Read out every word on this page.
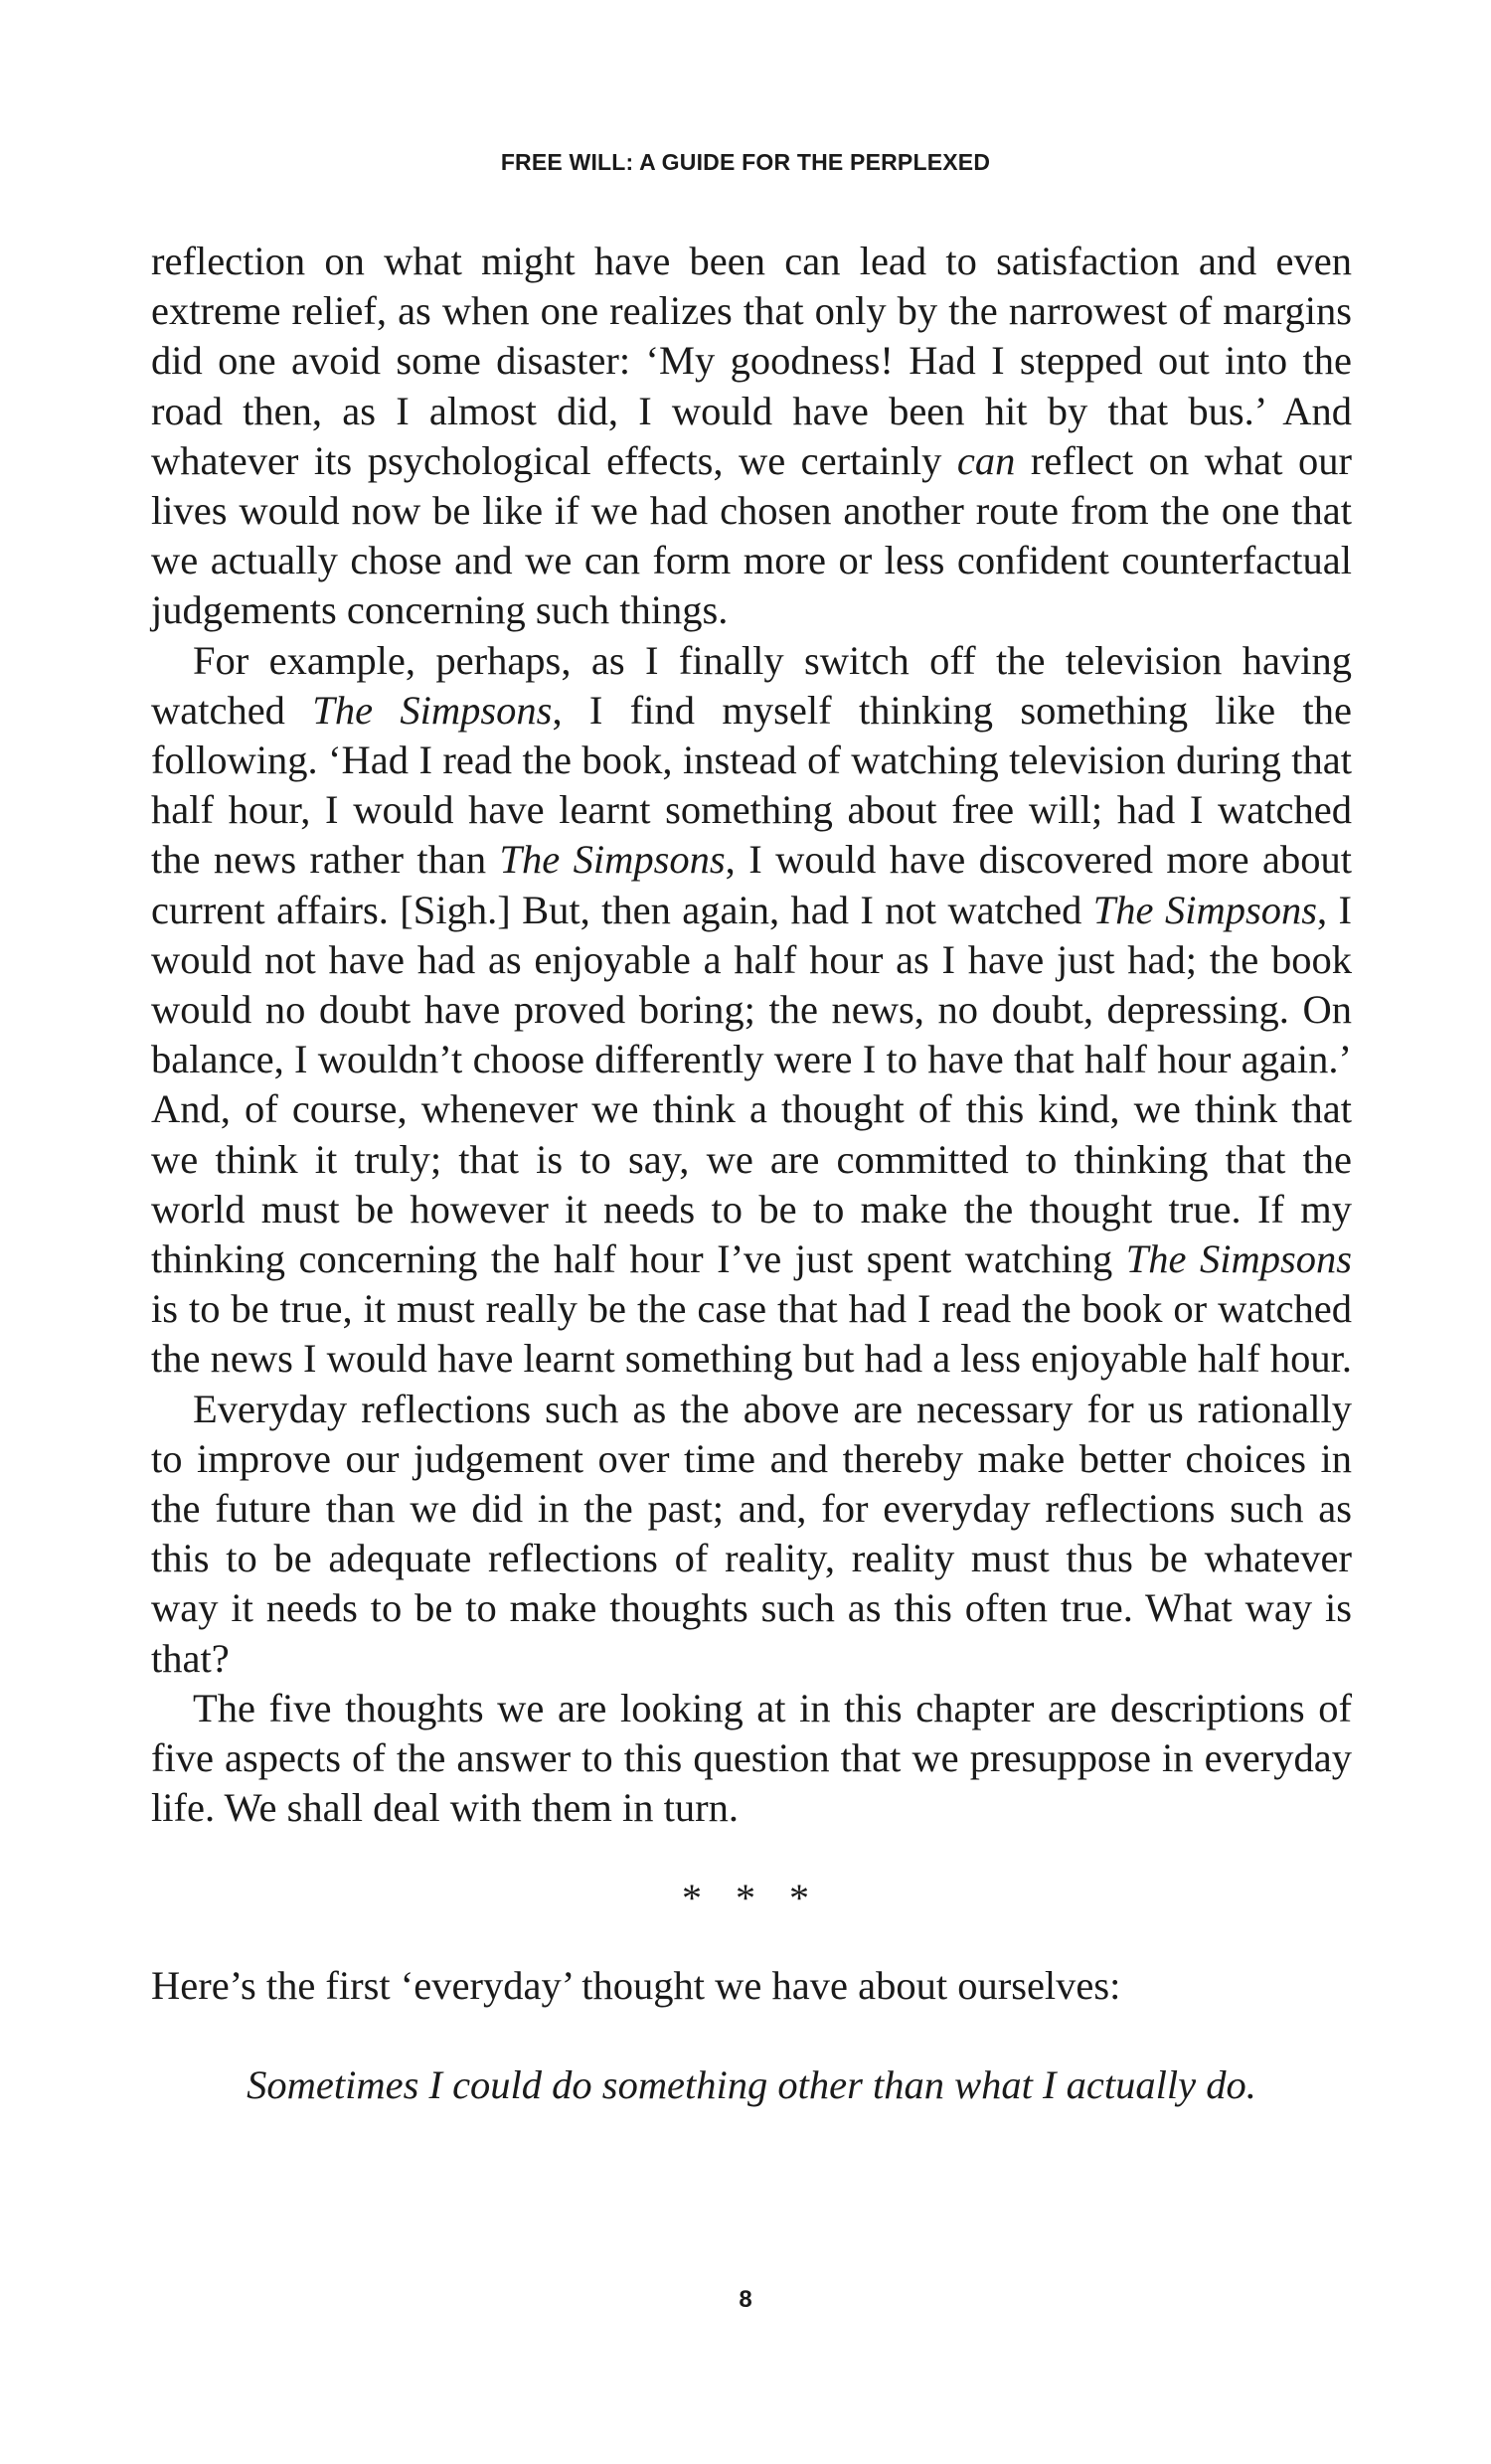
FREE WILL: A GUIDE FOR THE PERPLEXED

reflection on what might have been can lead to satisfaction and even extreme relief, as when one realizes that only by the narrowest of margins did one avoid some disaster: ‘My goodness! Had I stepped out into the road then, as I almost did, I would have been hit by that bus.’ And whatever its psychological effects, we certainly can reflect on what our lives would now be like if we had chosen another route from the one that we actually chose and we can form more or less confident counterfactual judgements concerning such things.

For example, perhaps, as I finally switch off the television having watched The Simpsons, I find myself thinking something like the following. ‘Had I read the book, instead of watching television during that half hour, I would have learnt something about free will; had I watched the news rather than The Simpsons, I would have discovered more about current affairs. [Sigh.] But, then again, had I not watched The Simpsons, I would not have had as enjoyable a half hour as I have just had; the book would no doubt have proved boring; the news, no doubt, depressing. On balance, I wouldn’t choose differently were I to have that half hour again.’ And, of course, whenever we think a thought of this kind, we think that we think it truly; that is to say, we are committed to thinking that the world must be however it needs to be to make the thought true. If my thinking concerning the half hour I’ve just spent watching The Simpsons is to be true, it must really be the case that had I read the book or watched the news I would have learnt something but had a less enjoyable half hour.

Everyday reflections such as the above are necessary for us rationally to improve our judgement over time and thereby make better choices in the future than we did in the past; and, for everyday reflections such as this to be adequate reflections of reality, reality must thus be whatever way it needs to be to make thoughts such as this often true. What way is that?

The five thoughts we are looking at in this chapter are descriptions of five aspects of the answer to this question that we presuppose in everyday life. We shall deal with them in turn.

* * *

Here’s the first ‘everyday’ thought we have about ourselves:

Sometimes I could do something other than what I actually do.

8
